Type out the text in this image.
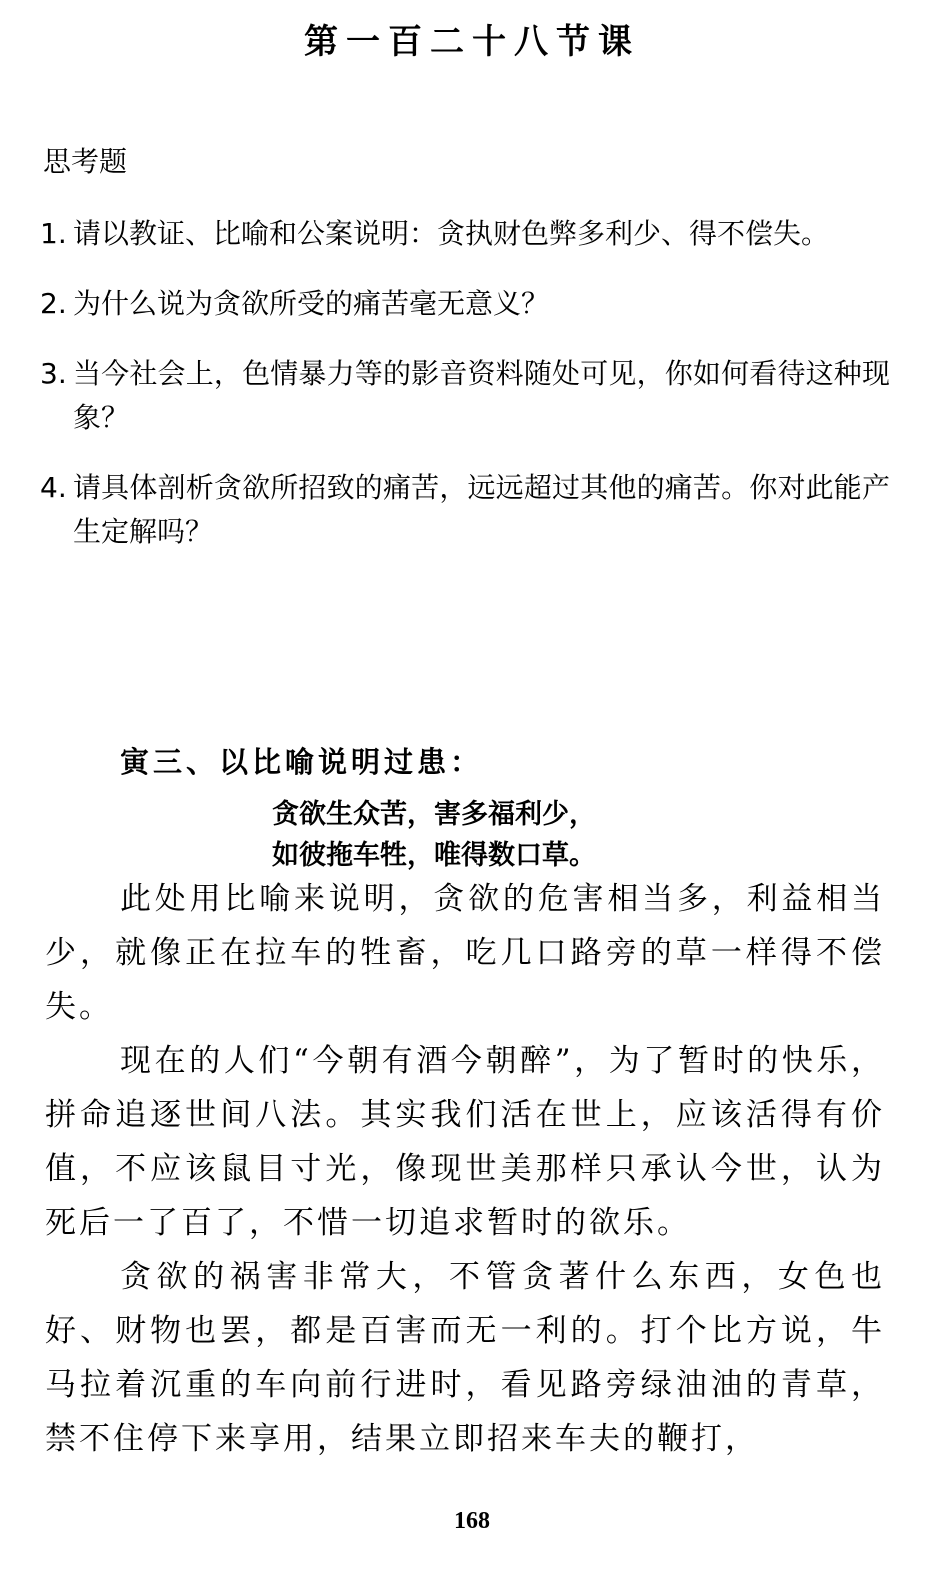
第一百二十八节课
思考题
1. 请以教证、比喻和公案说明：贪执财色弊多利少、得不偿失。
2. 为什么说为贪欲所受的痛苦毫无意义？
3. 当今社会上，色情暴力等的影音资料随处可见，你如何看待这种现象？
4. 请具体剖析贪欲所招致的痛苦，远远超过其他的痛苦。你对此能产生定解吗？
寅三、以比喻说明过患：
贪欲生众苦，害多福利少，
如彼拖车牲，唯得数口草。

此处用比喻来说明，贪欲的危害相当多，利益相当少，就像正在拉车的牲畜，吃几口路旁的草一样得不偿失。

现在的人们“今朝有酒今朝醉”，为了暂时的快乐，拼命追逐世间八法。其实我们活在世上，应该活得有价值，不应该鼠目寸光，像现世美那样只承认今世，认为死后一了百了，不惜一切追求暂时的欲乐。

贪欲的祸害非常大，不管贪著什么东西，女色也好、财物也罢，都是百害而无一利的。打个比方说，牛马拉着沉重的车向前行进时，看见路旁绿油油的青草，禁不住停下来享用，结果立即招来车夫的鞭打，

168
